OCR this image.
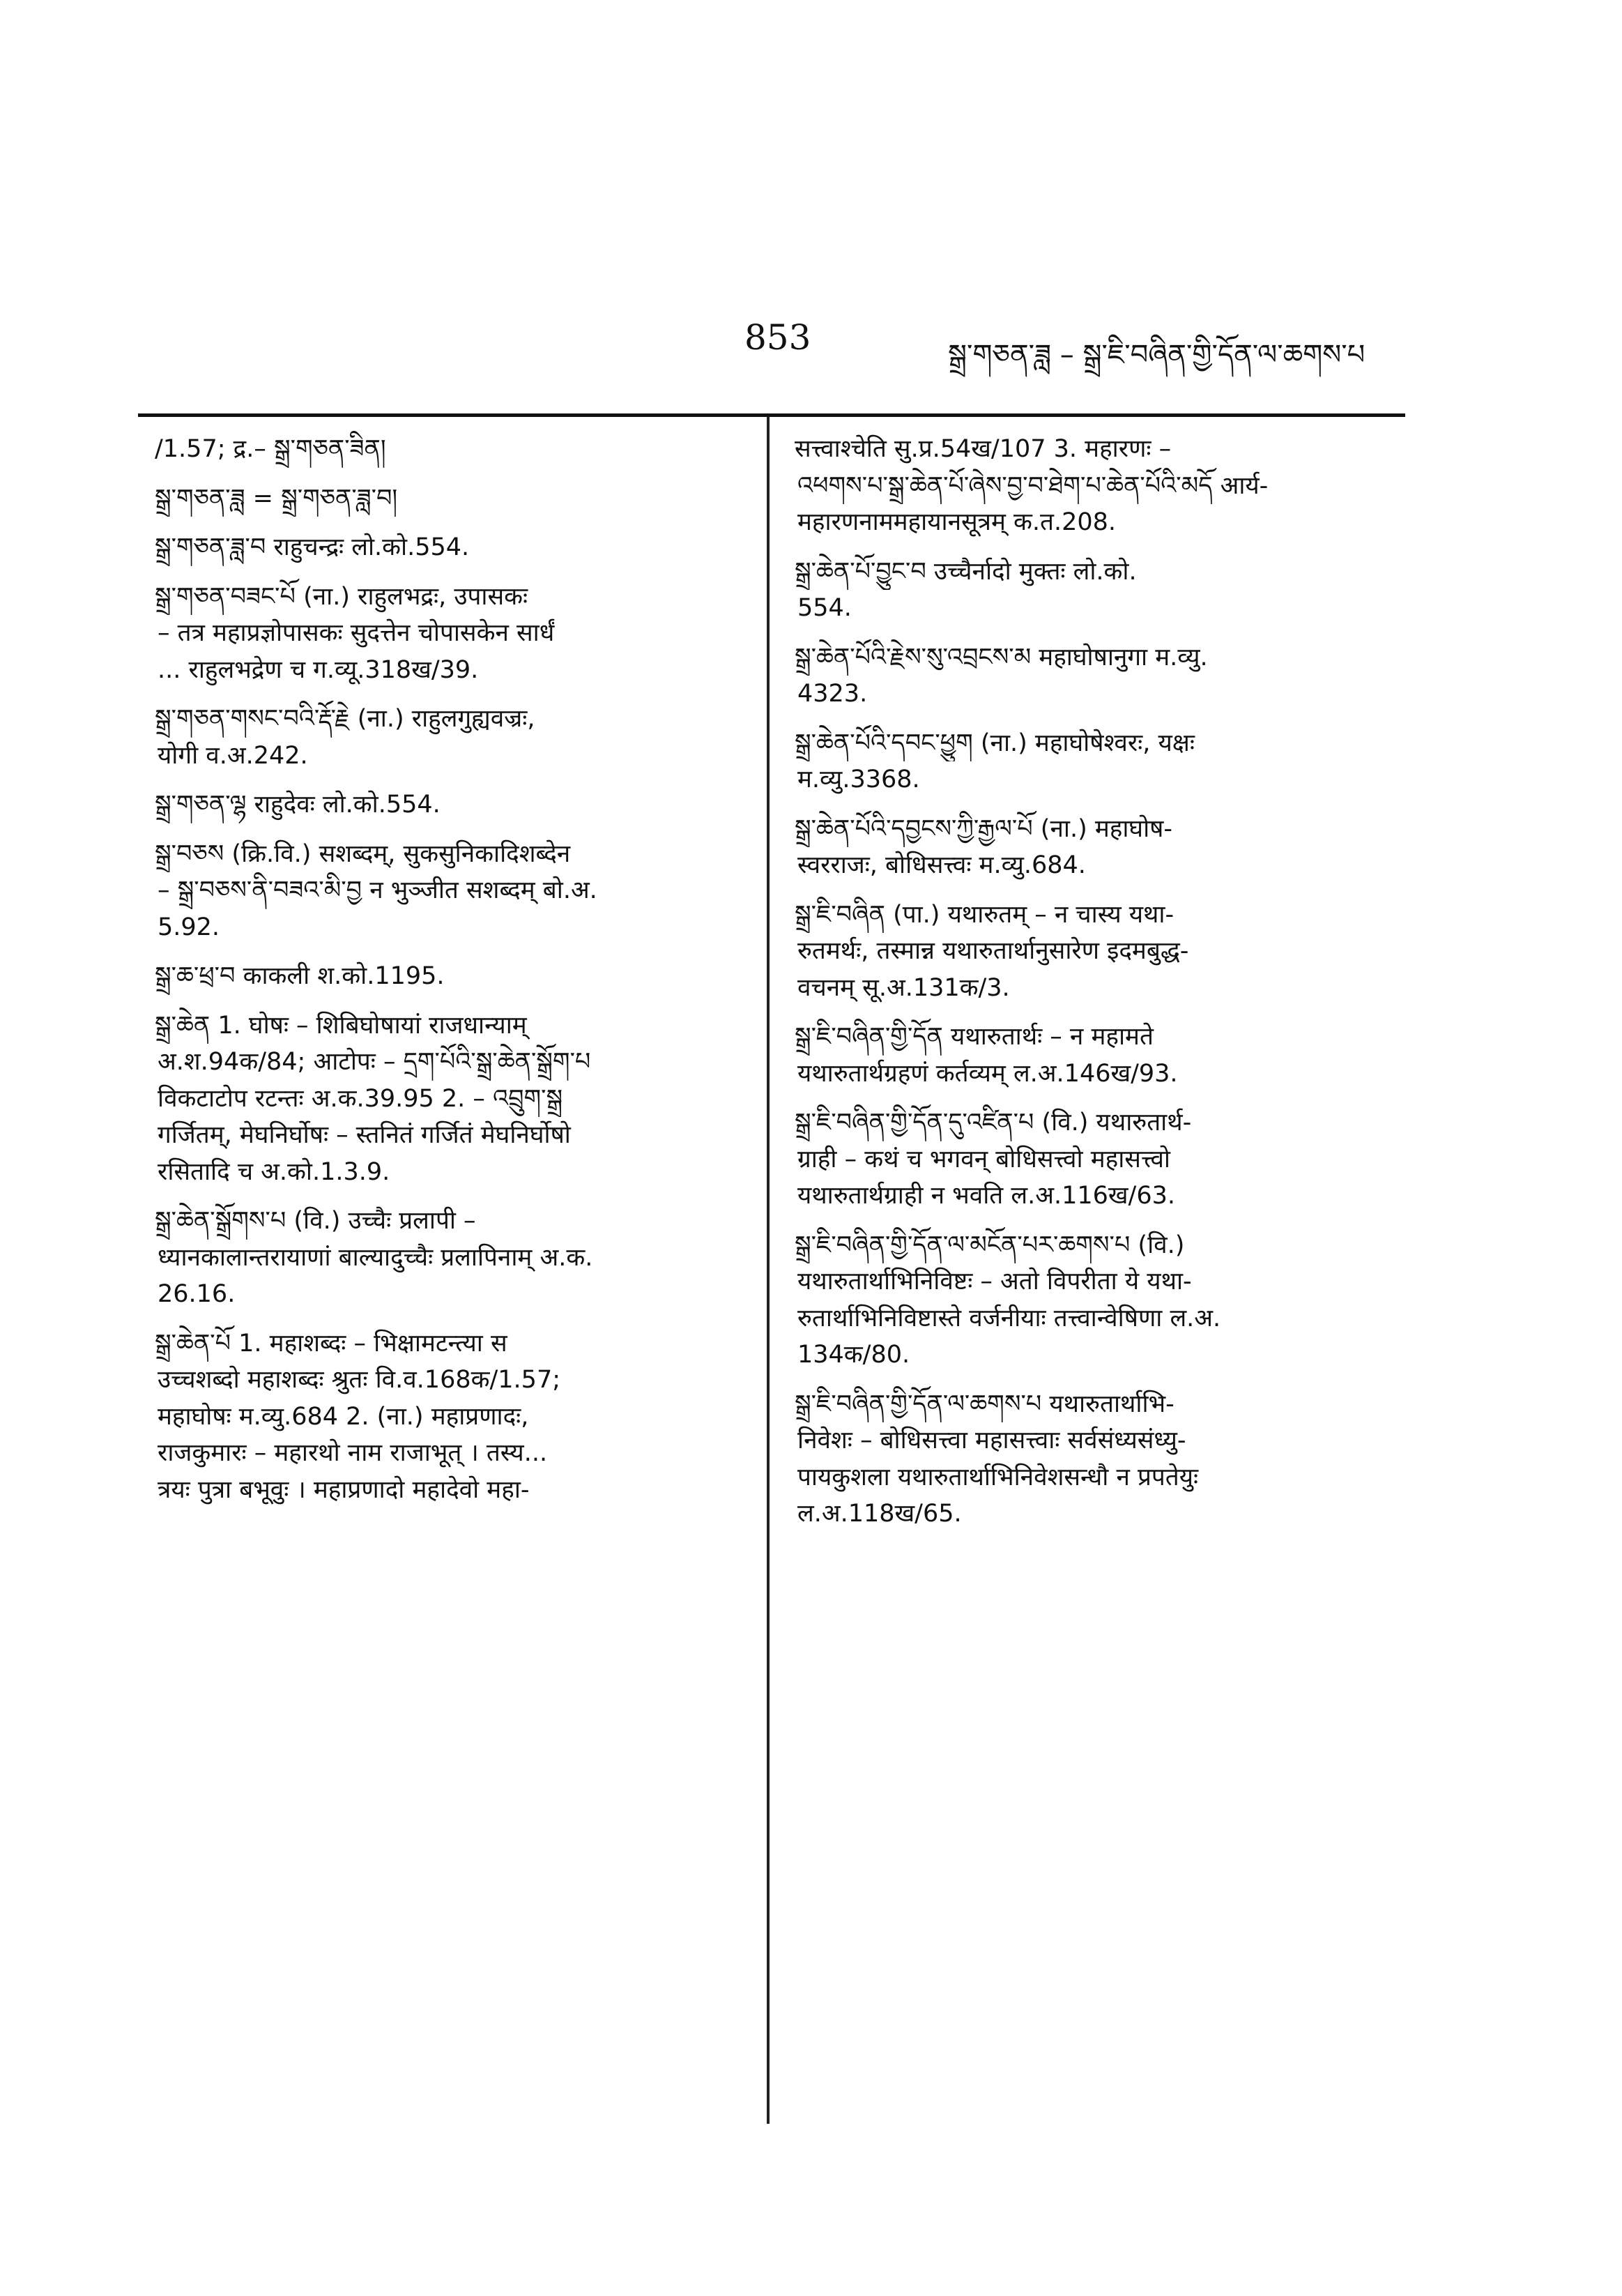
853	སྒྲ་གཅན་ཟླ – སྒྲ་ཇི་བཞིན་གྱི་དོན་ལ་ཆགས་པ
/1.57; द्र.– སྒྲ་གཅན་ཟིན།
སྒྲ་གཅན་ཟླ = སྒྲ་གཅན་ཟླ་བ།
སྒྲ་གཅན་ཟླ་བ राहुचन्द्रः लो.को.554.
སྒྲ་གཅན་བཟང་པོ (ना.) राहुलभद्रः, उपासकः
– तत्र महाप्रज्ञोपासकः सुदत्तेन चोपासकेन सार्धं
... राहुलभद्रेण च ग.व्यू.318ख/39.
སྒྲ་གཅན་གསང་བའི་རྡོ་རྗེ (ना.) राहुलगुह्यवज्रः,
योगी व.अ.242.
སྒྲ་གཅན་ལྷ राहुदेवः लो.को.554.
སྒྲ་བཅས (क्रि.वि.) सशब्दम्, सुकसुनिकादिशब्देन
– སྒྲ་བཅས་ནི་བཟའ་མི་བྱ न भुञ्जीत सशब्दम् बो.अ.
5.92.
སྒྲ་ཆ་ཕྲ་བ काकली श.को.1195.
སྒྲ་ཆེན 1. घोषः – शिबिघोषायां राजधान्याम्
अ.श.94क/84; आटोपः – དྲག་པོའི་སྒྲ་ཆེན་སྒྲོག་པ
विकटाटोप रटन्तः अ.क.39.95 2. – འབྲུག་སྒྲ
गर्जितम्, मेघनिर्घोषः – स्तनितं गर्जितं मेघनिर्घोषो
रसितादि च अ.को.1.3.9.
སྒྲ་ཆེན་སྒྲོགས་པ (वि.) उच्चैः प्रलापी –
ध्यानकालान्तरायाणां बाल्यादुच्चैः प्रलापिनाम् अ.क.
26.16.
སྒྲ་ཆེན་པོ 1. महाशब्दः – भिक्षामटन्त्या स
उच्चशब्दो महाशब्दः श्रुतः वि.व.168क/1.57;
महाघोषः म.व्यु.684 2. (ना.) महाप्रणादः,
राजकुमारः – महारथो नाम राजाभूत् । तस्य...
त्रयः पुत्रा बभूवुः । महाप्रणादो महादेवो महा-
सत्त्वाश्चेति सु.प्र.54ख/107 3. महारणः –
འཕགས་པ་སྒྲ་ཆེན་པོ་ཞེས་བྱ་བ་ཐེག་པ་ཆེན་པོའི་མདོ आर्य-
महारणनाममहायानसूत्रम् क.त.208.
སྒྲ་ཆེན་པོ་བྱུང་བ उच्चैर्नादो मुक्तः लो.को.
554.
སྒྲ་ཆེན་པོའི་རྗེས་སུ་འབྲངས་མ महाघोषानुगा म.व्यु.
4323.
སྒྲ་ཆེན་པོའི་དབང་ཕྱུག (ना.) महाघोषेश्वरः, यक्षः
म.व्यु.3368.
སྒྲ་ཆེན་པོའི་དབྱངས་ཀྱི་རྒྱལ་པོ (ना.) महाघोष-
स्वरराजः, बोधिसत्त्वः म.व्यु.684.
སྒྲ་ཇི་བཞིན (पा.) यथारुतम् – न चास्य यथा-
रुतमर्थः, तस्मान्न यथारुतार्थानुसारेण इदमबुद्ध-
वचनम् सू.अ.131क/3.
སྒྲ་ཇི་བཞིན་གྱི་དོན यथारुतार्थः – न महामते
यथारुतार्थग्रहणं कर्तव्यम् ल.अ.146ख/93.
སྒྲ་ཇི་བཞིན་གྱི་དོན་དུ་འཛིན་པ (वि.) यथारुतार्थ-
ग्राही – कथं च भगवन् बोधिसत्त्वो महासत्त्वो
यथारुतार्थग्राही न भवति ल.अ.116ख/63.
སྒྲ་ཇི་བཞིན་གྱི་དོན་ལ་མངོན་པར་ཆགས་པ (वि.)
यथारुतार्थाभिनिविष्टः – अतो विपरीता ये यथा-
रुतार्थाभिनिविष्टास्ते वर्जनीयाः तत्त्वान्वेषिणा ल.अ.
134क/80.
སྒྲ་ཇི་བཞིན་གྱི་དོན་ལ་ཆགས་པ यथारुतार्थाभि-
निवेशः – बोधिसत्त्वा महासत्त्वाः सर्वसंध्यसंध्यु-
पायकुशला यथारुतार्थाभिनिवेशसन्धौ न प्रपतेयुः
ल.अ.118ख/65.
